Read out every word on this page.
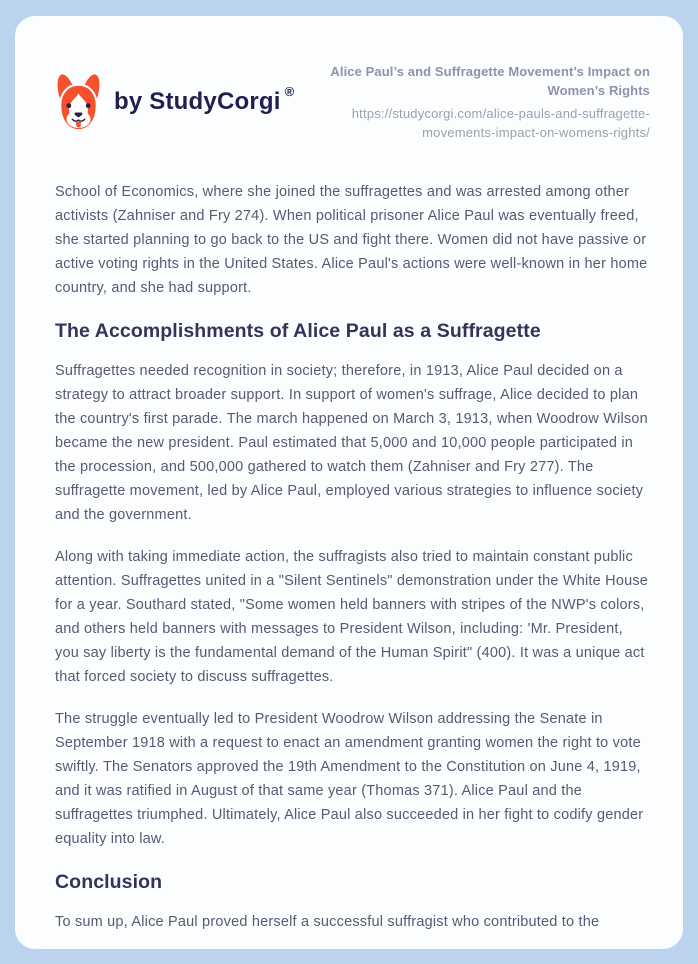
by StudyCorgi ®
Alice Paul’s and Suffragette Movement’s Impact on Women’s Rights
https://studycorgi.com/alice-pauls-and-suffragette-movements-impact-on-womens-rights/

School of Economics, where she joined the suffragettes and was arrested among other activists (Zahniser and Fry 274). When political prisoner Alice Paul was eventually freed, she started planning to go back to the US and fight there. Women did not have passive or active voting rights in the United States. Alice Paul's actions were well-known in her home country, and she had support.

The Accomplishments of Alice Paul as a Suffragette

Suffragettes needed recognition in society; therefore, in 1913, Alice Paul decided on a strategy to attract broader support. In support of women's suffrage, Alice decided to plan the country's first parade. The march happened on March 3, 1913, when Woodrow Wilson became the new president. Paul estimated that 5,000 and 10,000 people participated in the procession, and 500,000 gathered to watch them (Zahniser and Fry 277). The suffragette movement, led by Alice Paul, employed various strategies to influence society and the government.

Along with taking immediate action, the suffragists also tried to maintain constant public attention. Suffragettes united in a "Silent Sentinels" demonstration under the White House for a year. Southard stated, "Some women held banners with stripes of the NWP's colors, and others held banners with messages to President Wilson, including: 'Mr. President, you say liberty is the fundamental demand of the Human Spirit" (400). It was a unique act that forced society to discuss suffragettes.

The struggle eventually led to President Woodrow Wilson addressing the Senate in September 1918 with a request to enact an amendment granting women the right to vote swiftly. The Senators approved the 19th Amendment to the Constitution on June 4, 1919, and it was ratified in August of that same year (Thomas 371). Alice Paul and the suffragettes triumphed. Ultimately, Alice Paul also succeeded in her fight to codify gender equality into law.

Conclusion

To sum up, Alice Paul proved herself a successful suffragist who contributed to the
